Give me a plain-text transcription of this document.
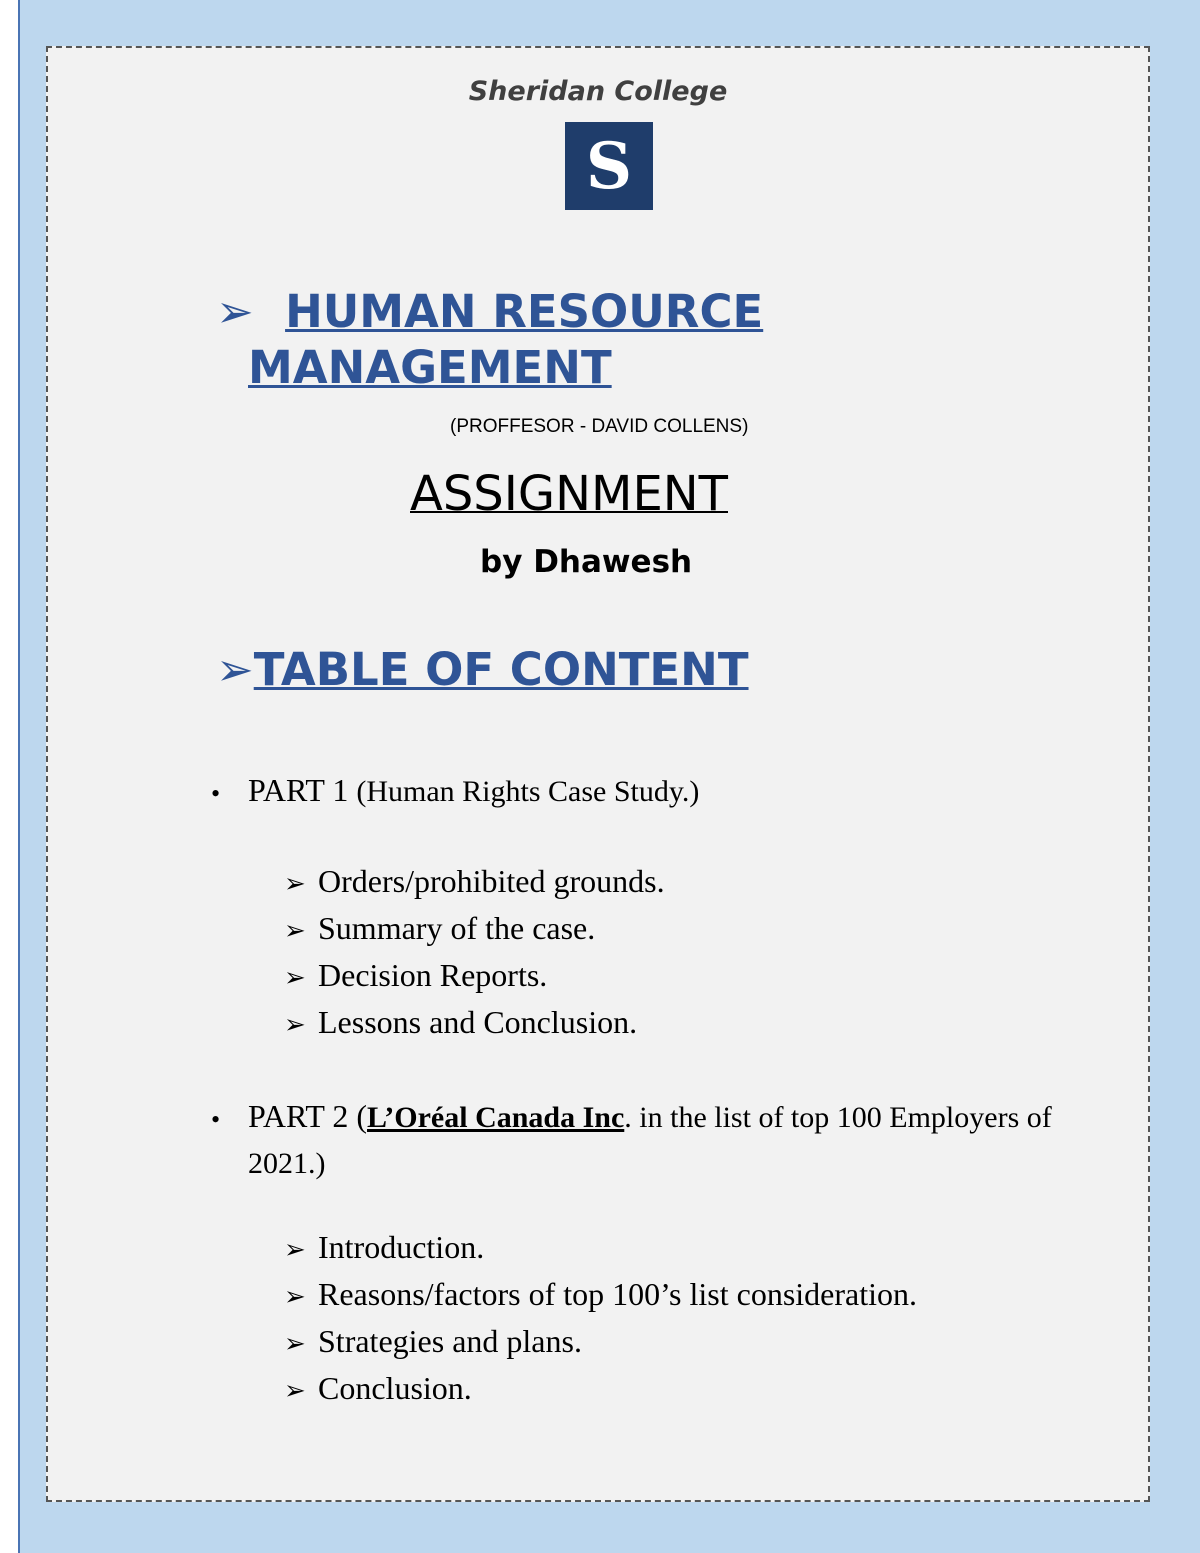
Sheridan College
S
➢ HUMAN RESOURCE
MANAGEMENT
(PROFFESOR - DAVID COLLENS)
ASSIGNMENT
by Dhawesh
➢TABLE OF CONTENT
• PART 1 (Human Rights Case Study.)
➢ Orders/prohibited grounds.
➢ Summary of the case.
➢ Decision Reports.
➢ Lessons and Conclusion.
• PART 2 (L’Oréal Canada Inc. in the list of top 100 Employers of
2021.)
➢ Introduction.
➢ Reasons/factors of top 100’s list consideration.
➢ Strategies and plans.
➢ Conclusion.
